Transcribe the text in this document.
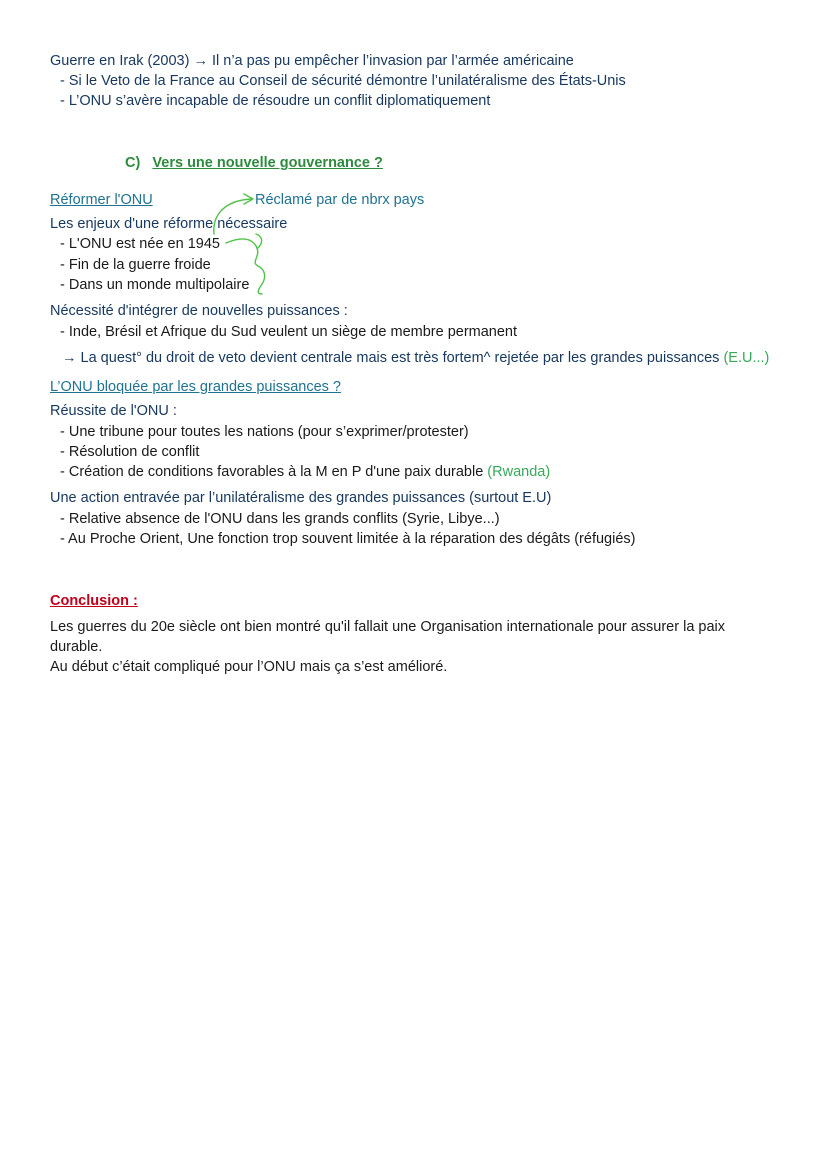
Guerre en Irak (2003) → Il n’a pas pu empêcher l’invasion par l’armée américaine
- Si le Veto de la France au Conseil de sécurité démontre l’unilatéralisme des États-Unis
- L’ONU s’avère incapable de résoudre un conflit diplomatiquement
C) Vers une nouvelle gouvernance ?
Réformer l'ONU	Réclamé par de nbrx pays
Les enjeux d'une réforme nécessaire
- L'ONU est née en 1945
- Fin de la guerre froide
- Dans un monde multipolaire
Nécessité d'intégrer de nouvelles puissances :
- Inde, Brésil et Afrique du Sud veulent un siège de membre permanent
→ La quest° du droit de veto devient centrale mais est très fortem^ rejetée par les grandes puissances (E.U...)
L’ONU bloquée par les grandes puissances ?
Réussite de l'ONU :
- Une tribune pour toutes les nations (pour s’exprimer/protester)
- Résolution de conflit
- Création de conditions favorables à la M en P d'une paix durable (Rwanda)
Une action entravée par l’unilatéralisme des grandes puissances (surtout E.U)
- Relative absence de l'ONU dans les grands conflits (Syrie, Libye...)
- Au Proche Orient, Une fonction trop souvent limitée à la réparation des dégâts (réfugiés)
Conclusion :
Les guerres du 20e siècle ont bien montré qu'il fallait une Organisation internationale pour assurer la paix
durable.
Au début c’était compliqué pour l’ONU mais ça s’est amélioré.
